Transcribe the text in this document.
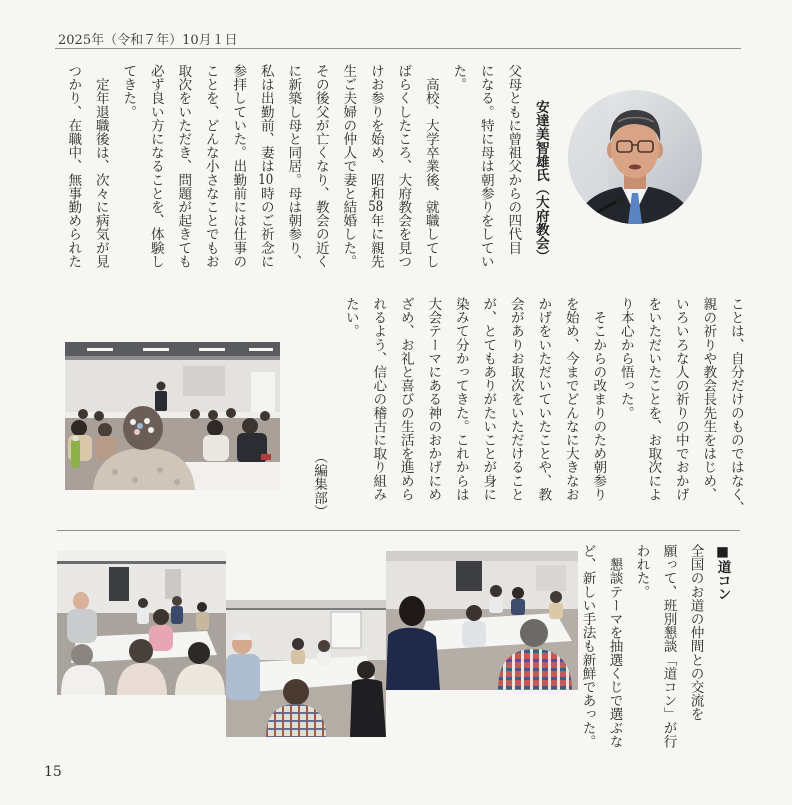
2025年（令和７年）10月１日
安達美智雄氏（大府教会）
父母ともに曾祖父からの四代目
になる。特に母は朝参りをしてい
た。
　高校、大学卒業後、就職してし
ばらくしたころ、大府教会を見つ
けお参りを始め、昭和58年に親先
生ご夫婦の仲人で妻と結婚した。
その後父が亡くなり、教会の近く
に新築し母と同居。母は朝参り、
私は出勤前、妻は10時のご祈念に
参拝していた。出勤前には仕事の
ことを、どんな小さなことでもお
取次をいただき、問題が起きても
必ず良い方になることを、体験し
てきた。
　定年退職後は、次々に病気が見
つかり、在職中、無事勤められた
ことは、自分だけのものではなく、
親の祈りや教会長先生をはじめ、
いろいろな人の祈りの中でおかげ
をいただいたことを、お取次によ
り本心から悟った。
　そこからの改まりのため朝参り
を始め、今までどんなに大きなお
かげをいただいていたことや、教
会がありお取次をいただけること
が、とてもありがたいことが身に
染みて分かってきた。これからは
大会テーマにある神のおかげにめ
ざめ、お礼と喜びの生活を進めら
れるよう、信心の稽古に取り組み
たい。
（編集部）
■道コン
全国のお道の仲間との交流を
願って、班別懇談「道コン」が行
われた。
　懇談テーマを抽選くじで選ぶな
ど、新しい手法も新鮮であった。
15
